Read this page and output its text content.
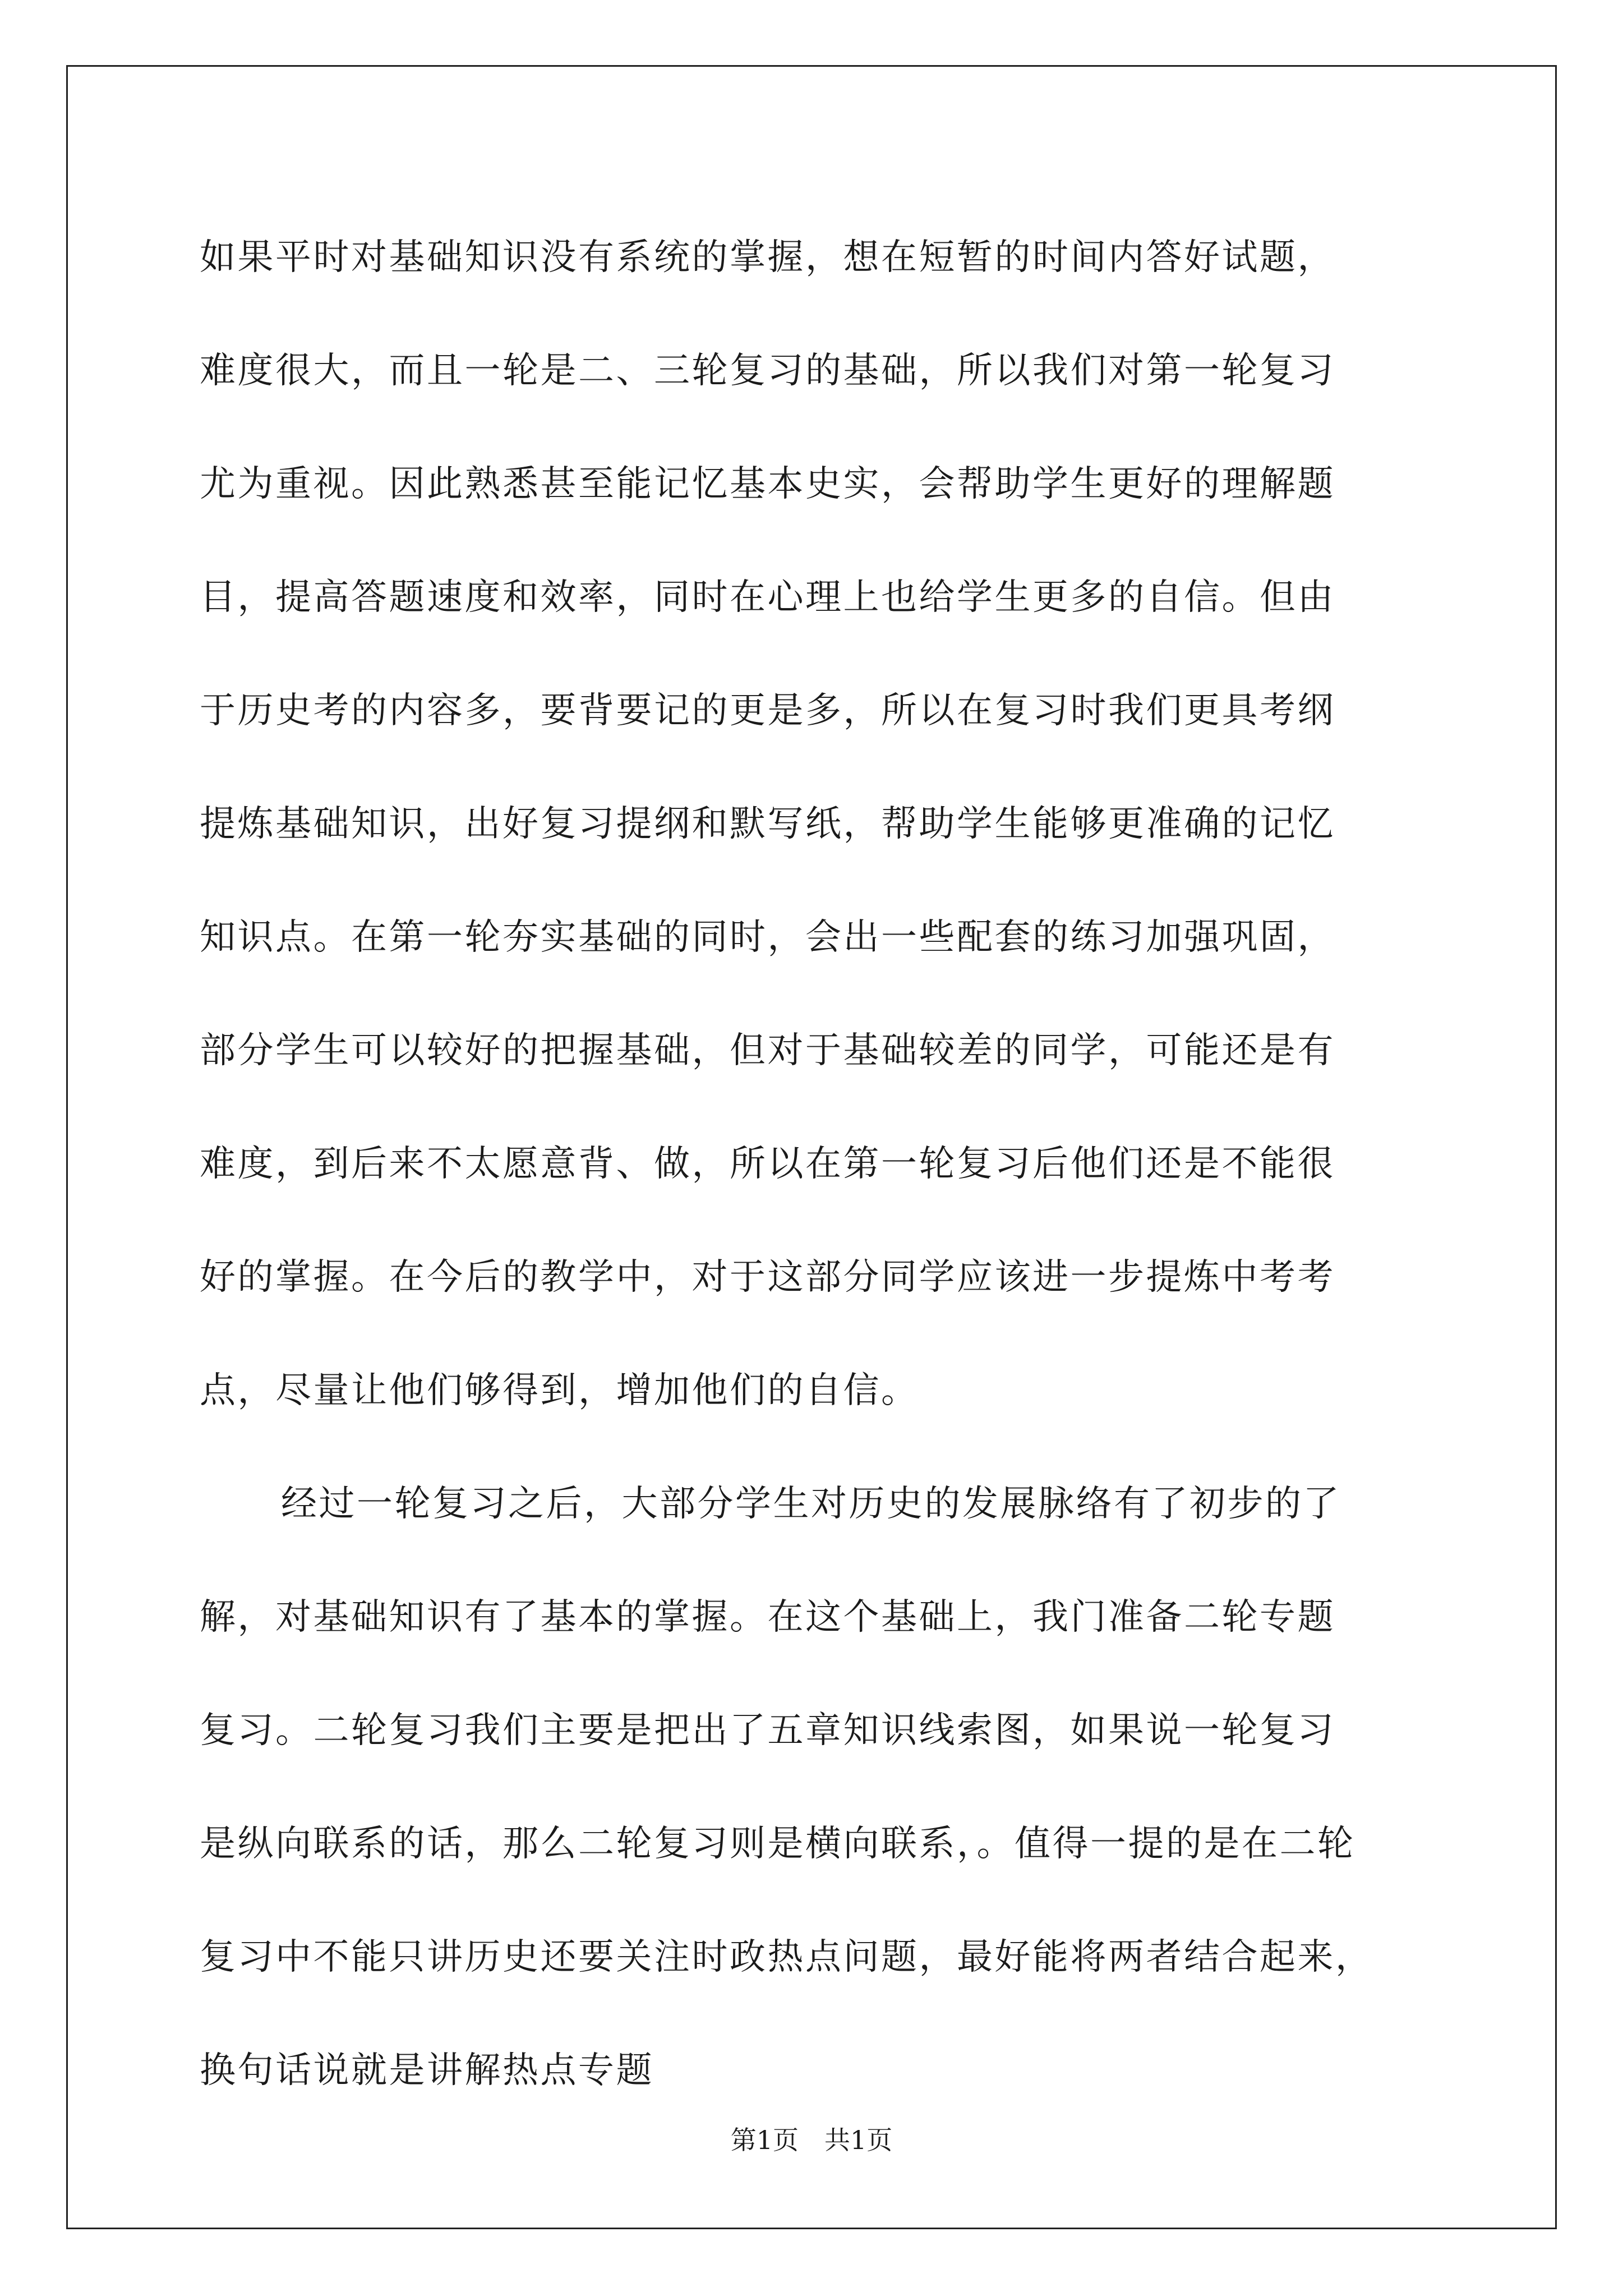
如果平时对基础知识没有系统的掌握，想在短暂的时间内答好试题，
难度很大，而且一轮是二、三轮复习的基础，所以我们对第一轮复习
尤为重视。因此熟悉甚至能记忆基本史实，会帮助学生更好的理解题
目，提高答题速度和效率，同时在心理上也给学生更多的自信。但由
于历史考的内容多，要背要记的更是多，所以在复习时我们更具考纲
提炼基础知识，出好复习提纲和默写纸，帮助学生能够更准确的记忆
知识点。在第一轮夯实基础的同时，会出一些配套的练习加强巩固，
部分学生可以较好的把握基础，但对于基础较差的同学，可能还是有
难度，到后来不太愿意背、做，所以在第一轮复习后他们还是不能很
好的掌握。在今后的教学中，对于这部分同学应该进一步提炼中考考
点，尽量让他们够得到，增加他们的自信。
经过一轮复习之后，大部分学生对历史的发展脉络有了初步的了
解，对基础知识有了基本的掌握。在这个基础上，我门准备二轮专题
复习。二轮复习我们主要是把出了五章知识线索图，如果说一轮复习
是纵向联系的话，那么二轮复习则是横向联系，。值得一提的是在二轮
复习中不能只讲历史还要关注时政热点问题，最好能将两者结合起来，
换句话说就是讲解热点专题
第1页　共1页
